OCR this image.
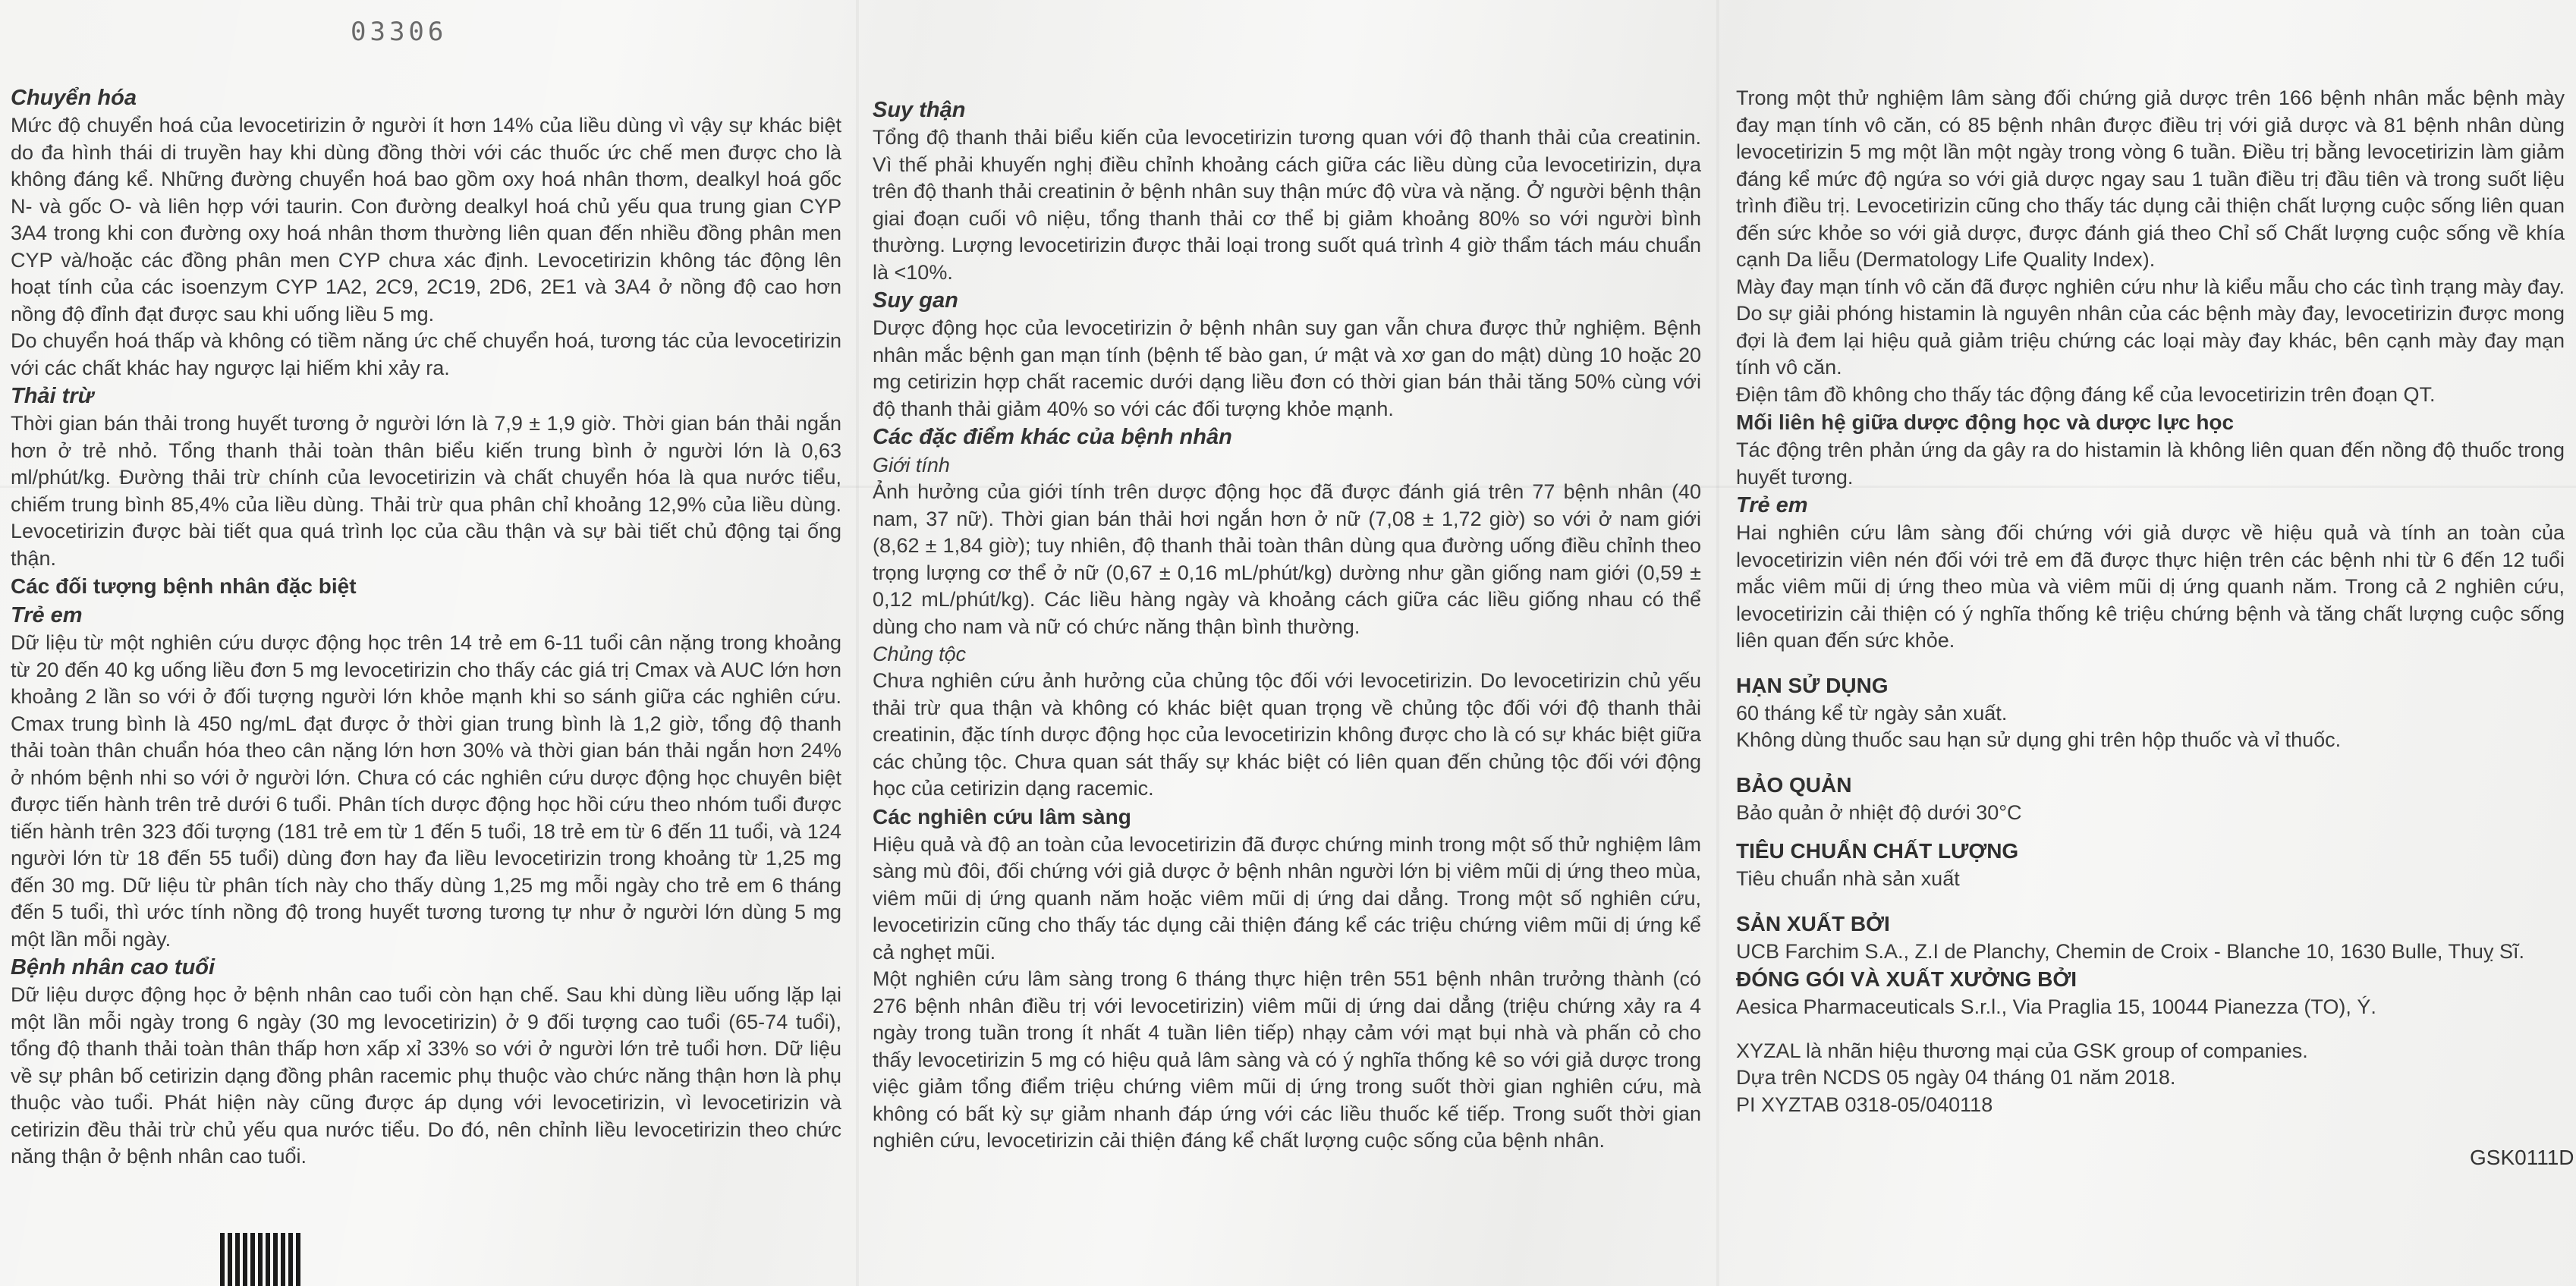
03306

Chuyển hóa

Mức độ chuyển hoá của levocetirizin ở người ít hơn 14% của liều dùng vì vậy sự khác biệt do đa hình thái di truyền hay khi dùng đồng thời với các thuốc ức chế men được cho là không đáng kể. Những đường chuyển hoá bao gồm oxy hoá nhân thơm, dealkyl hoá gốc N- và gốc O- và liên hợp với taurin. Con đường dealkyl hoá chủ yếu qua trung gian CYP 3A4 trong khi con đường oxy hoá nhân thơm thường liên quan đến nhiều đồng phân men CYP và/hoặc các đồng phân men CYP chưa xác định. Levocetirizin không tác động lên hoạt tính của các isoenzym CYP 1A2, 2C9, 2C19, 2D6, 2E1 và 3A4 ở nồng độ cao hơn nồng độ đỉnh đạt được sau khi uống liều 5 mg.

Do chuyển hoá thấp và không có tiềm năng ức chế chuyển hoá, tương tác của levocetirizin với các chất khác hay ngược lại hiếm khi xảy ra.

Thải trừ

Thời gian bán thải trong huyết tương ở người lớn là 7,9 ± 1,9 giờ. Thời gian bán thải ngắn hơn ở trẻ nhỏ. Tổng thanh thải toàn thân biểu kiến trung bình ở người lớn là 0,63 ml/phút/kg. Đường thải trừ chính của levocetirizin và chất chuyển hóa là qua nước tiểu, chiếm trung bình 85,4% của liều dùng. Thải trừ qua phân chỉ khoảng 12,9% của liều dùng. Levocetirizin được bài tiết qua quá trình lọc của cầu thận và sự bài tiết chủ động tại ống thận.

Các đối tượng bệnh nhân đặc biệt

Trẻ em

Dữ liệu từ một nghiên cứu dược động học trên 14 trẻ em 6-11 tuổi cân nặng trong khoảng từ 20 đến 40 kg uống liều đơn 5 mg levocetirizin cho thấy các giá trị Cmax và AUC lớn hơn khoảng 2 lần so với ở đối tượng người lớn khỏe mạnh khi so sánh giữa các nghiên cứu. Cmax trung bình là 450 ng/mL đạt được ở thời gian trung bình là 1,2 giờ, tổng độ thanh thải toàn thân chuẩn hóa theo cân nặng lớn hơn 30% và thời gian bán thải ngắn hơn 24% ở nhóm bệnh nhi so với ở người lớn. Chưa có các nghiên cứu dược động học chuyên biệt được tiến hành trên trẻ dưới 6 tuổi. Phân tích dược động học hồi cứu theo nhóm tuổi được tiến hành trên 323 đối tượng (181 trẻ em từ 1 đến 5 tuổi, 18 trẻ em từ 6 đến 11 tuổi, và 124 người lớn từ 18 đến 55 tuổi) dùng đơn hay đa liều levocetirizin trong khoảng từ 1,25 mg đến 30 mg. Dữ liệu từ phân tích này cho thấy dùng 1,25 mg mỗi ngày cho trẻ em 6 tháng đến 5 tuổi, thì ước tính nồng độ trong huyết tương tương tự như ở người lớn dùng 5 mg một lần mỗi ngày.

Bệnh nhân cao tuổi

Dữ liệu dược động học ở bệnh nhân cao tuổi còn hạn chế. Sau khi dùng liều uống lặp lại một lần mỗi ngày trong 6 ngày (30 mg levocetirizin) ở 9 đối tượng cao tuổi (65-74 tuổi), tổng độ thanh thải toàn thân thấp hơn xấp xỉ 33% so với ở người lớn trẻ tuổi hơn. Dữ liệu về sự phân bố cetirizin dạng đồng phân racemic phụ thuộc vào chức năng thận hơn là phụ thuộc vào tuổi. Phát hiện này cũng được áp dụng với levocetirizin, vì levocetirizin và cetirizin đều thải trừ chủ yếu qua nước tiểu. Do đó, nên chỉnh liều levocetirizin theo chức năng thận ở bệnh nhân cao tuổi.

Suy thận

Tổng độ thanh thải biểu kiến của levocetirizin tương quan với độ thanh thải của creatinin. Vì thế phải khuyến nghị điều chỉnh khoảng cách giữa các liều dùng của levocetirizin, dựa trên độ thanh thải creatinin ở bệnh nhân suy thận mức độ vừa và nặng. Ở người bệnh thận giai đoạn cuối vô niệu, tổng thanh thải cơ thể bị giảm khoảng 80% so với người bình thường. Lượng levocetirizin được thải loại trong suốt quá trình 4 giờ thẩm tách máu chuẩn là <10%.

Suy gan

Dược động học của levocetirizin ở bệnh nhân suy gan vẫn chưa được thử nghiệm. Bệnh nhân mắc bệnh gan mạn tính (bệnh tế bào gan, ứ mật và xơ gan do mật) dùng 10 hoặc 20 mg cetirizin hợp chất racemic dưới dạng liều đơn có thời gian bán thải tăng 50% cùng với độ thanh thải giảm 40% so với các đối tượng khỏe mạnh.

Các đặc điểm khác của bệnh nhân

Giới tính

Ảnh hưởng của giới tính trên dược động học đã được đánh giá trên 77 bệnh nhân (40 nam, 37 nữ). Thời gian bán thải hơi ngắn hơn ở nữ (7,08 ± 1,72 giờ) so với ở nam giới (8,62 ± 1,84 giờ); tuy nhiên, độ thanh thải toàn thân dùng qua đường uống điều chỉnh theo trọng lượng cơ thể ở nữ (0,67 ± 0,16 mL/phút/kg) dường như gần giống nam giới (0,59 ± 0,12 mL/phút/kg). Các liều hàng ngày và khoảng cách giữa các liều giống nhau có thể dùng cho nam và nữ có chức năng thận bình thường.

Chủng tộc

Chưa nghiên cứu ảnh hưởng của chủng tộc đối với levocetirizin. Do levocetirizin chủ yếu thải trừ qua thận và không có khác biệt quan trọng về chủng tộc đối với độ thanh thải creatinin, đặc tính dược động học của levocetirizin không được cho là có sự khác biệt giữa các chủng tộc. Chưa quan sát thấy sự khác biệt có liên quan đến chủng tộc đối với động học của cetirizin dạng racemic.

Các nghiên cứu lâm sàng

Hiệu quả và độ an toàn của levocetirizin đã được chứng minh trong một số thử nghiệm lâm sàng mù đôi, đối chứng với giả dược ở bệnh nhân người lớn bị viêm mũi dị ứng theo mùa, viêm mũi dị ứng quanh năm hoặc viêm mũi dị ứng dai dẳng. Trong một số nghiên cứu, levocetirizin cũng cho thấy tác dụng cải thiện đáng kể các triệu chứng viêm mũi dị ứng kể cả nghẹt mũi.

Một nghiên cứu lâm sàng trong 6 tháng thực hiện trên 551 bệnh nhân trưởng thành (có 276 bệnh nhân điều trị với levocetirizin) viêm mũi dị ứng dai dẳng (triệu chứng xảy ra 4 ngày trong tuần trong ít nhất 4 tuần liên tiếp) nhạy cảm với mạt bụi nhà và phấn cỏ cho thấy levocetirizin 5 mg có hiệu quả lâm sàng và có ý nghĩa thống kê so với giả dược trong việc giảm tổng điểm triệu chứng viêm mũi dị ứng trong suốt thời gian nghiên cứu, mà không có bất kỳ sự giảm nhanh đáp ứng với các liều thuốc kế tiếp. Trong suốt thời gian nghiên cứu, levocetirizin cải thiện đáng kể chất lượng cuộc sống của bệnh nhân.

Trong một thử nghiệm lâm sàng đối chứng giả dược trên 166 bệnh nhân mắc bệnh mày đay mạn tính vô căn, có 85 bệnh nhân được điều trị với giả dược và 81 bệnh nhân dùng levocetirizin 5 mg một lần một ngày trong vòng 6 tuần. Điều trị bằng levocetirizin làm giảm đáng kể mức độ ngứa so với giả dược ngay sau 1 tuần điều trị đầu tiên và trong suốt liệu trình điều trị. Levocetirizin cũng cho thấy tác dụng cải thiện chất lượng cuộc sống liên quan đến sức khỏe so với giả dược, được đánh giá theo Chỉ số Chất lượng cuộc sống về khía cạnh Da liễu (Dermatology Life Quality Index).

Mày đay mạn tính vô căn đã được nghiên cứu như là kiểu mẫu cho các tình trạng mày đay. Do sự giải phóng histamin là nguyên nhân của các bệnh mày đay, levocetirizin được mong đợi là đem lại hiệu quả giảm triệu chứng các loại mày đay khác, bên cạnh mày đay mạn tính vô căn.

Điện tâm đồ không cho thấy tác động đáng kể của levocetirizin trên đoạn QT.

Mối liên hệ giữa dược động học và dược lực học

Tác động trên phản ứng da gây ra do histamin là không liên quan đến nồng độ thuốc trong huyết tương.

Trẻ em

Hai nghiên cứu lâm sàng đối chứng với giả dược về hiệu quả và tính an toàn của levocetirizin viên nén đối với trẻ em đã được thực hiện trên các bệnh nhi từ 6 đến 12 tuổi mắc viêm mũi dị ứng theo mùa và viêm mũi dị ứng quanh năm. Trong cả 2 nghiên cứu, levocetirizin cải thiện có ý nghĩa thống kê triệu chứng bệnh và tăng chất lượng cuộc sống liên quan đến sức khỏe.

HẠN SỬ DỤNG

60 tháng kể từ ngày sản xuất.

Không dùng thuốc sau hạn sử dụng ghi trên hộp thuốc và vỉ thuốc.

BẢO QUẢN

Bảo quản ở nhiệt độ dưới 30°C

TIÊU CHUẨN CHẤT LƯỢNG

Tiêu chuẩn nhà sản xuất

SẢN XUẤT BỞI

UCB Farchim S.A., Z.I de Planchy, Chemin de Croix - Blanche 10, 1630 Bulle, Thuỵ Sĩ.

ĐÓNG GÓI VÀ XUẤT XƯỞNG BỞI

Aesica Pharmaceuticals S.r.l., Via Praglia 15, 10044 Pianezza (TO), Ý.

XYZAL là nhãn hiệu thương mại của GSK group of companies.

Dựa trên NCDS 05 ngày 04 tháng 01 năm 2018.

PI XYZTAB 0318-05/040118

GSK0111D
